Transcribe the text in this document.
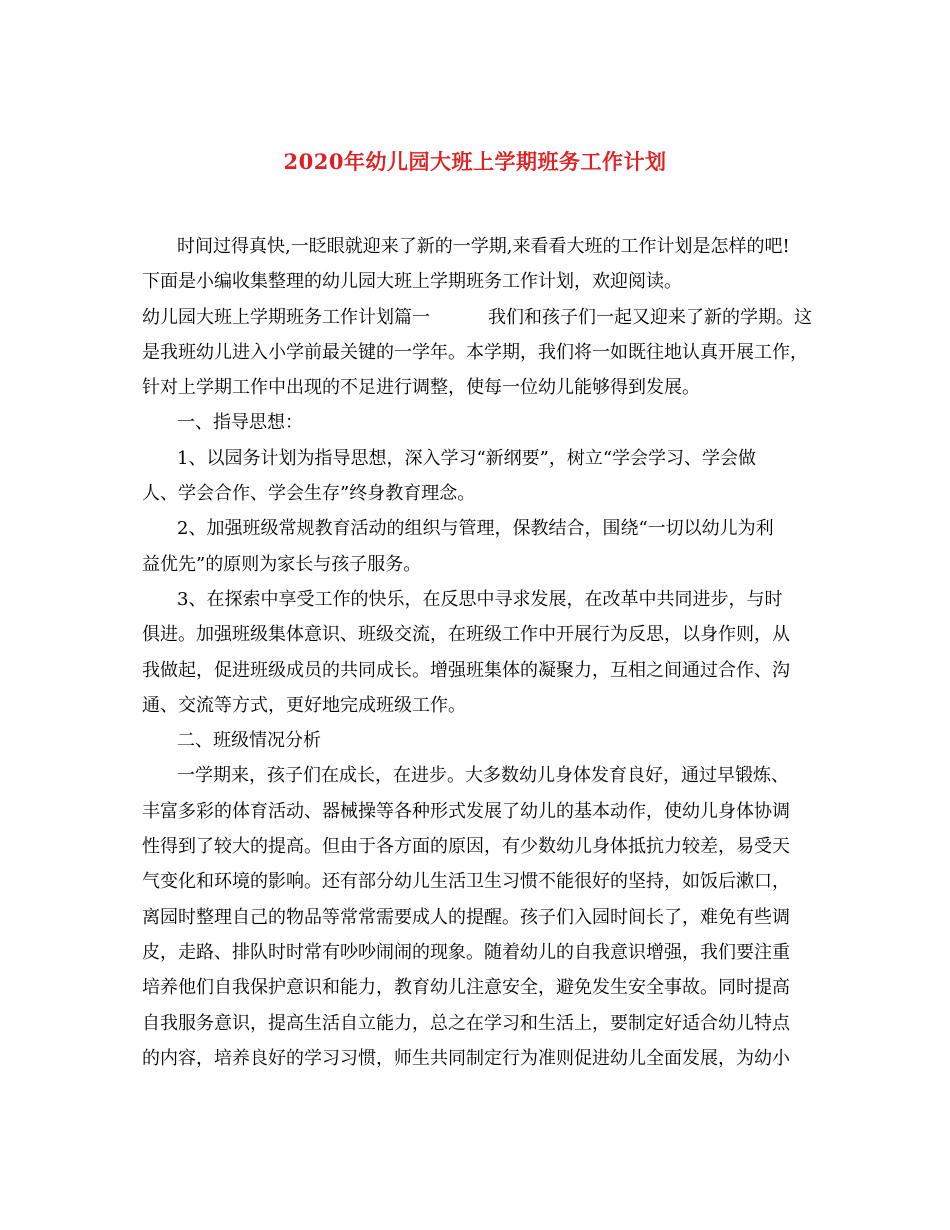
2020年幼儿园大班上学期班务工作计划
时间过得真快,一眨眼就迎来了新的一学期,来看看大班的工作计划是怎样的吧!
下面是小编收集整理的幼儿园大班上学期班务工作计划，欢迎阅读。
幼儿园大班上学期班务工作计划篇一	我们和孩子们一起又迎来了新的学期。这
是我班幼儿进入小学前最关键的一学年。本学期，我们将一如既往地认真开展工作，
针对上学期工作中出现的不足进行调整，使每一位幼儿能够得到发展。
一、指导思想：
1、以园务计划为指导思想，深入学习“新纲要”，树立“学会学习、学会做
人、学会合作、学会生存”终身教育理念。
2、加强班级常规教育活动的组织与管理，保教结合，围绕“一切以幼儿为利
益优先”的原则为家长与孩子服务。
3、在探索中享受工作的快乐，在反思中寻求发展，在改革中共同进步，与时
俱进。加强班级集体意识、班级交流，在班级工作中开展行为反思，以身作则，从
我做起，促进班级成员的共同成长。增强班集体的凝聚力，互相之间通过合作、沟
通、交流等方式，更好地完成班级工作。
二、班级情况分析
一学期来，孩子们在成长，在进步。大多数幼儿身体发育良好，通过早锻炼、
丰富多彩的体育活动、器械操等各种形式发展了幼儿的基本动作，使幼儿身体协调
性得到了较大的提高。但由于各方面的原因，有少数幼儿身体抵抗力较差，易受天
气变化和环境的影响。还有部分幼儿生活卫生习惯不能很好的坚持，如饭后漱口，
离园时整理自己的物品等常常需要成人的提醒。孩子们入园时间长了，难免有些调
皮，走路、排队时时常有吵吵闹闹的现象。随着幼儿的自我意识增强，我们要注重
培养他们自我保护意识和能力，教育幼儿注意安全，避免发生安全事故。同时提高
自我服务意识，提高生活自立能力，总之在学习和生活上，要制定好适合幼儿特点
的内容，培养良好的学习习惯，师生共同制定行为准则促进幼儿全面发展，为幼小
